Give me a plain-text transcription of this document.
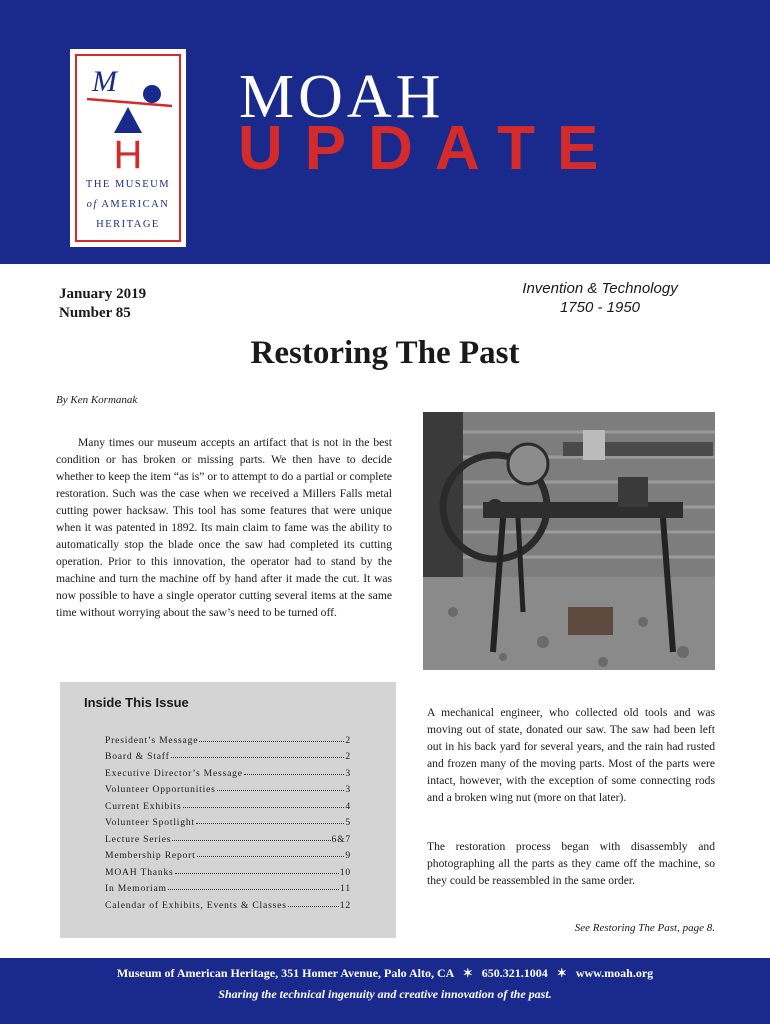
M
H
THE MUSEUM
of AMERICAN
HERITAGE
MOAH
UPDATE
January 2019
Number 85
Invention & Technology
1750 - 1950
Restoring The Past
By Ken Kormanak

Many times our museum accepts an artifact that is not in the best condition or has broken or missing parts. We then have to decide whether to keep the item “as is” or to attempt to do a partial or complete restoration. Such was the case when we received a Millers Falls metal cutting power hacksaw. This tool has some features that were unique when it was patented in 1892. Its main claim to fame was the ability to automatically stop the blade once the saw had completed its cutting operation. Prior to this innovation, the operator had to stand by the machine and turn the machine off by hand after it made the cut. It was now possible to have a single operator cutting several items at the same time without worrying about the saw’s need to be turned off.

Inside This Issue
President’s Message	2
Board & Staff	2
Executive Director’s Message	3
Volunteer Opportunities	3
Current Exhibits	4
Volunteer Spotlight	5
Lecture Series	6&7
Membership Report	9
MOAH Thanks	10
In Memoriam	11
Calendar of Exhibits, Events & Classes	12

A mechanical engineer, who collected old tools and was moving out of state, donated our saw. The saw had been left out in his back yard for several years, and the rain had rusted and frozen many of the moving parts. Most of the parts were intact, however, with the exception of some connecting rods and a broken wing nut (more on that later).

The restoration process began with disassembly and photographing all the parts as they came off the machine, so they could be reassembled in the same order.

See Restoring The Past, page 8.
Museum of American Heritage, 351 Homer Avenue, Palo Alto, CA ✶ 650.321.1004 ✶ www.moah.org
Sharing the technical ingenuity and creative innovation of the past.
